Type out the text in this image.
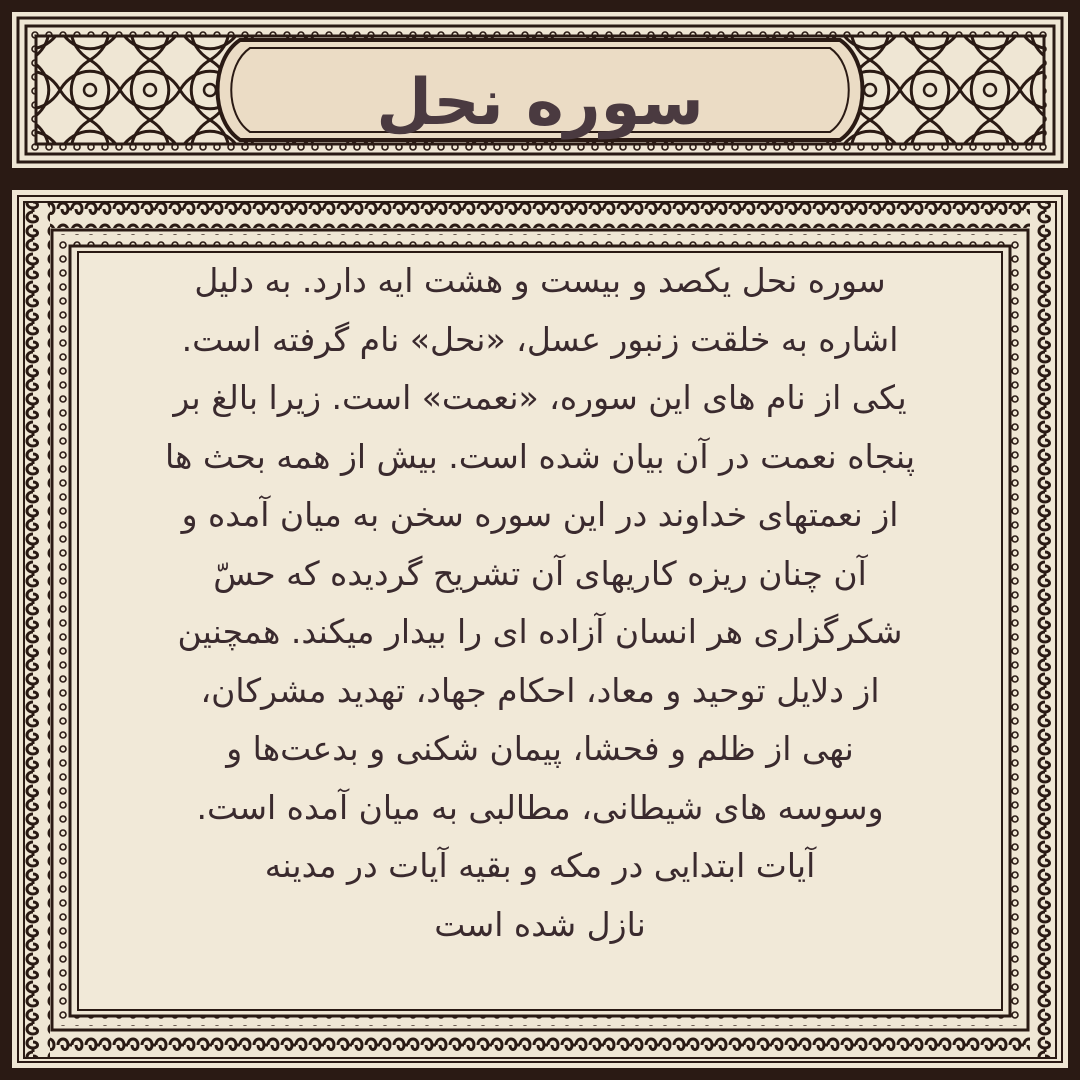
سوره نحل
سوره نحل یکصد و بیست و هشت ایه دارد. به دلیل
اشاره به خلقت زنبور عسل، «نحل» نام گرفته است.
یکی از نام های این سوره، «نعمت» است. زیرا بالغ بر
پنجاه نعمت در آن بیان شده است. بیش از همه بحث ها
از نعمتهای خداوند در این سوره سخن به میان آمده و
آن چنان ریزه کاریهای آن تشریح گردیده که حسّ
شکرگزاری هر انسان آزاده ای را بیدار میکند. همچنین
از دلایل توحید و معاد، احکام جهاد، تهدید مشرکان،
نهی از ظلم و فحشا، پیمان شکنی و بدعت‌ها و
وسوسه های شیطانی، مطالبی به میان آمده است.
آیات ابتدایی در مکه و بقیه آیات در مدینه
نازل شده است
